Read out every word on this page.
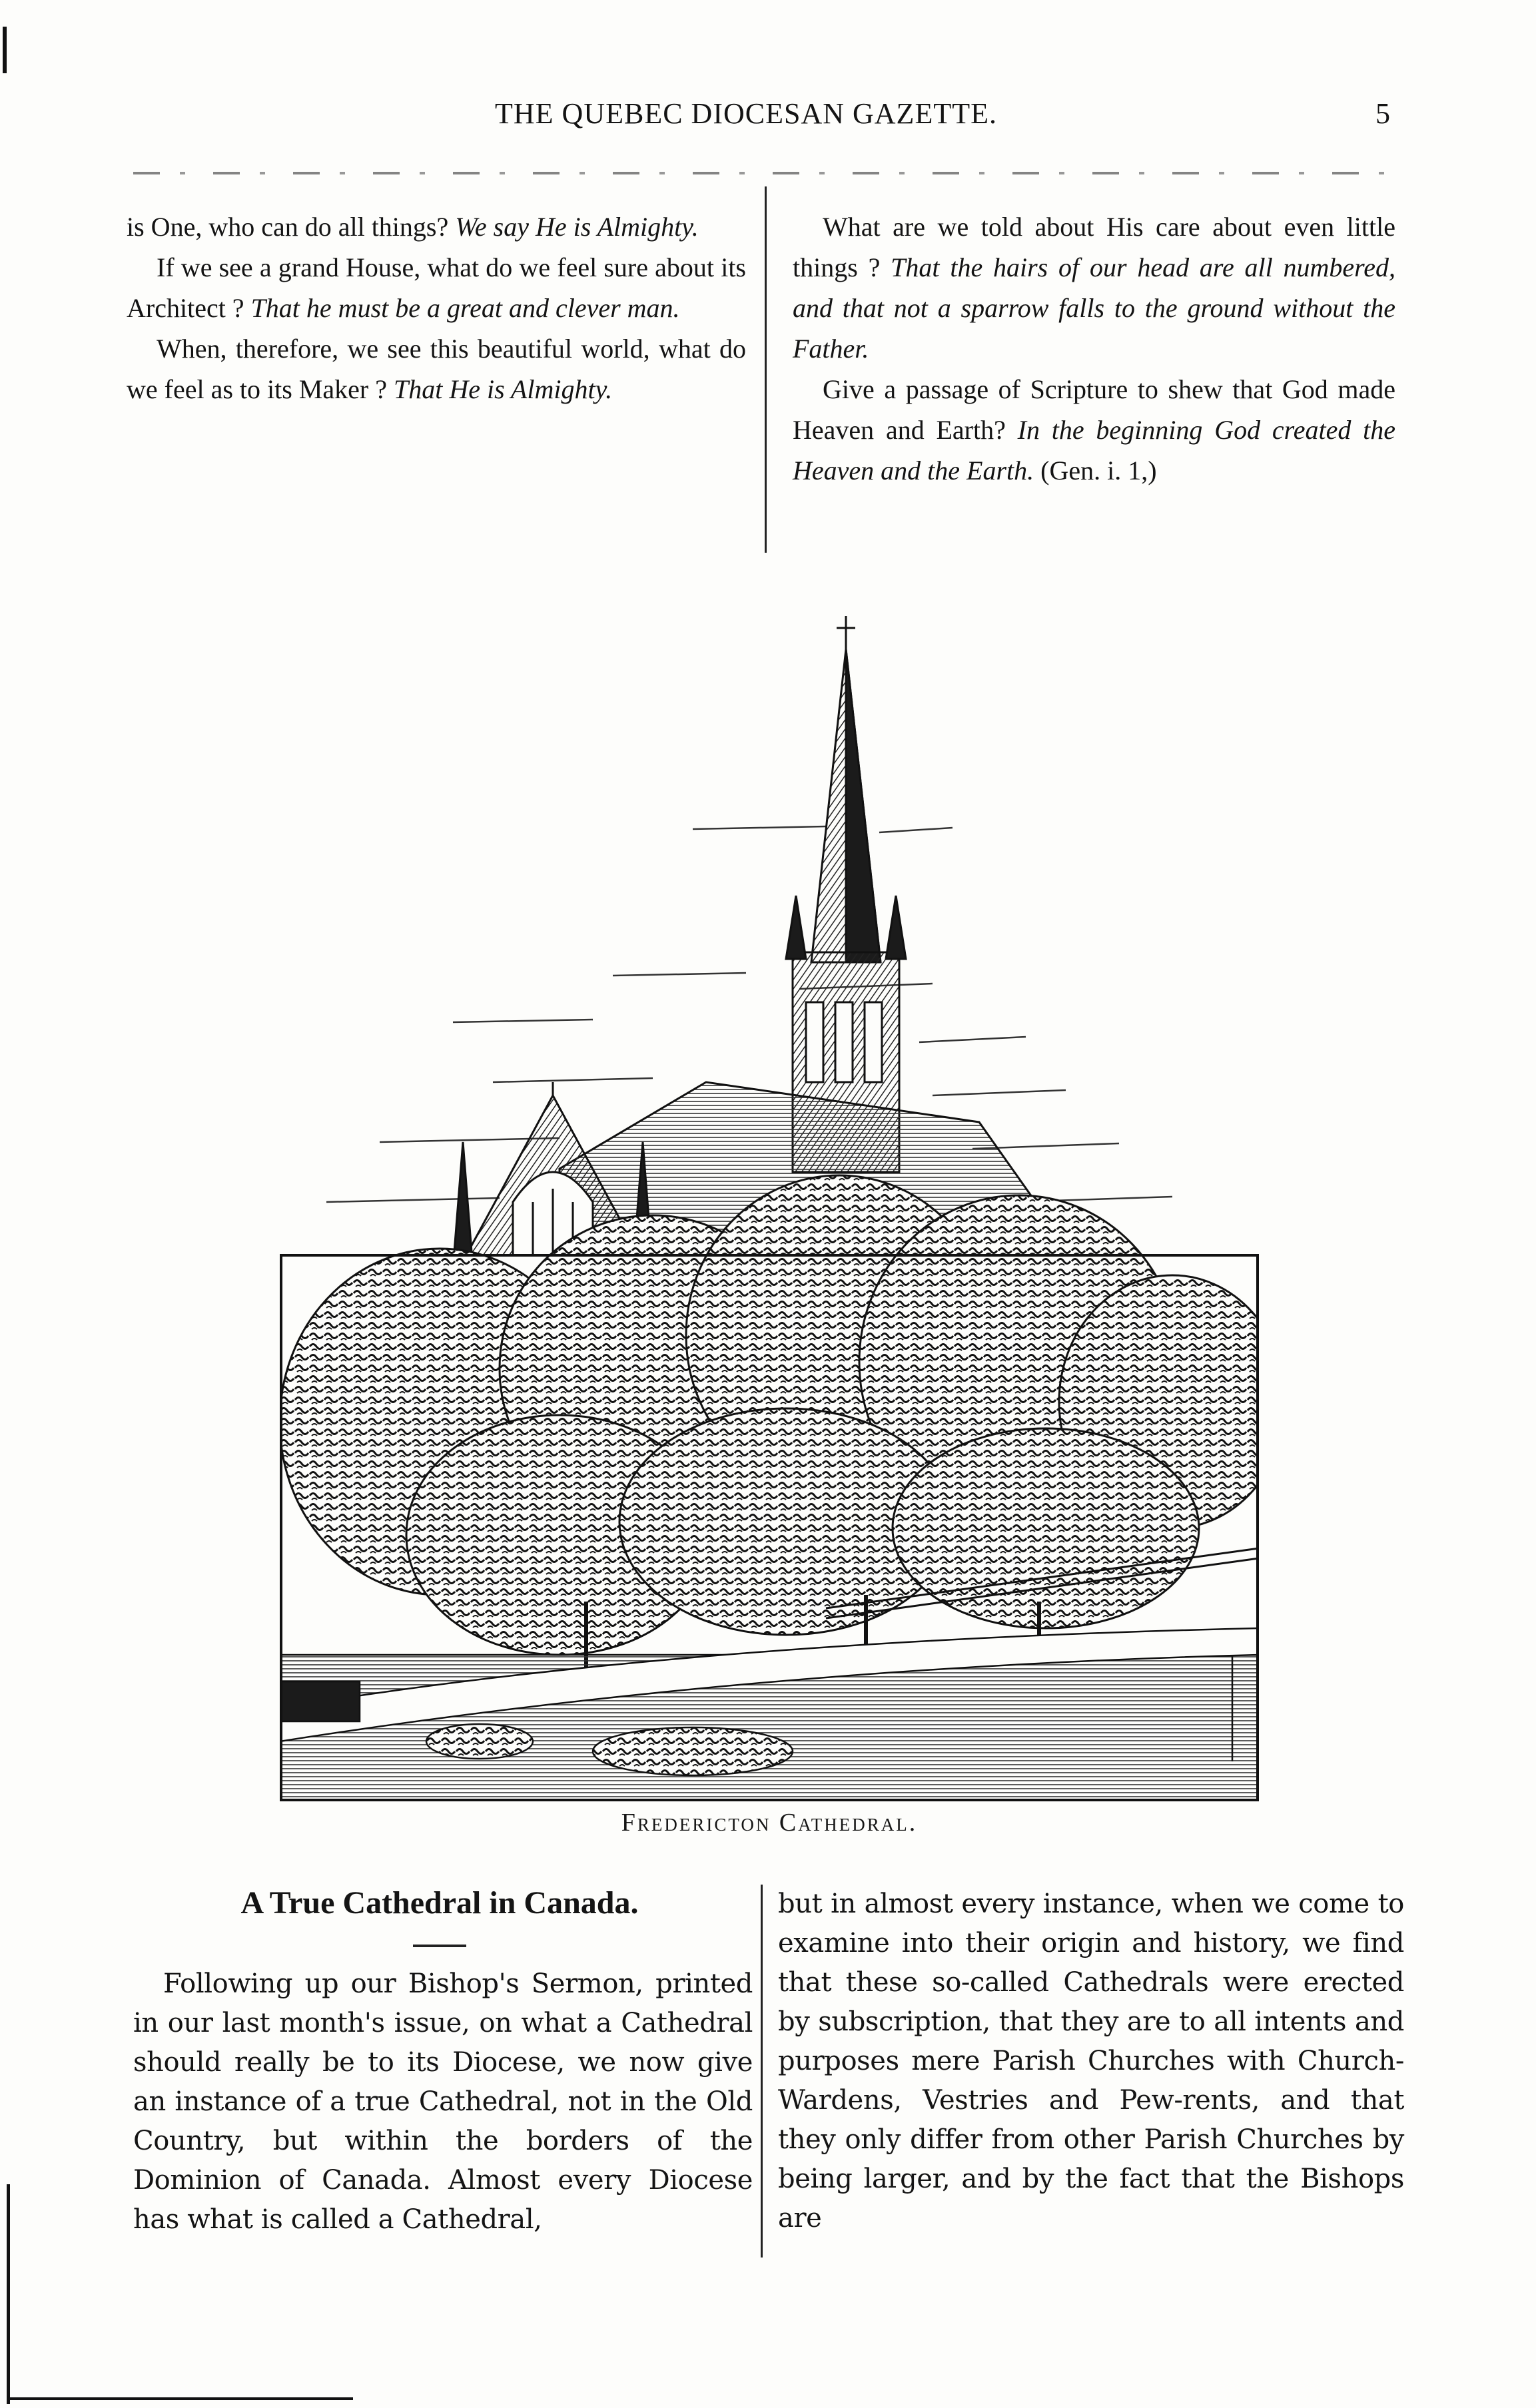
THE QUEBEC DIOCESAN GAZETTE.	5

is One, who can do all things? We say He is Almighty.

If we see a grand House, what do we feel sure about its Architect ? That he must be a great and clever man.

When, therefore, we see this beautiful world, what do we feel as to its Maker ? That He is Almighty.

What are we told about His care about even little things ? That the hairs of our head are all numbered, and that not a sparrow falls to the ground without the Father.

Give a passage of Scripture to shew that God made Heaven and Earth? In the beginning God created the Heaven and the Earth. (Gen. i. 1,)

Fredericton Cathedral.
A True Cathedral in Canada.

Following up our Bishop's Sermon, printed in our last month's issue, on what a Cathedral should really be to its Diocese, we now give an instance of a true Cathedral, not in the Old Country, but within the borders of the Dominion of Canada. Almost every Diocese has what is called a Cathedral,

but in almost every instance, when we come to examine into their origin and history, we find that these so-called Cathedrals were erected by subscription, that they are to all intents and purposes mere Parish Churches with Church-Wardens, Vestries and Pew-rents, and that they only differ from other Parish Churches by being larger, and by the fact that the Bishops are
